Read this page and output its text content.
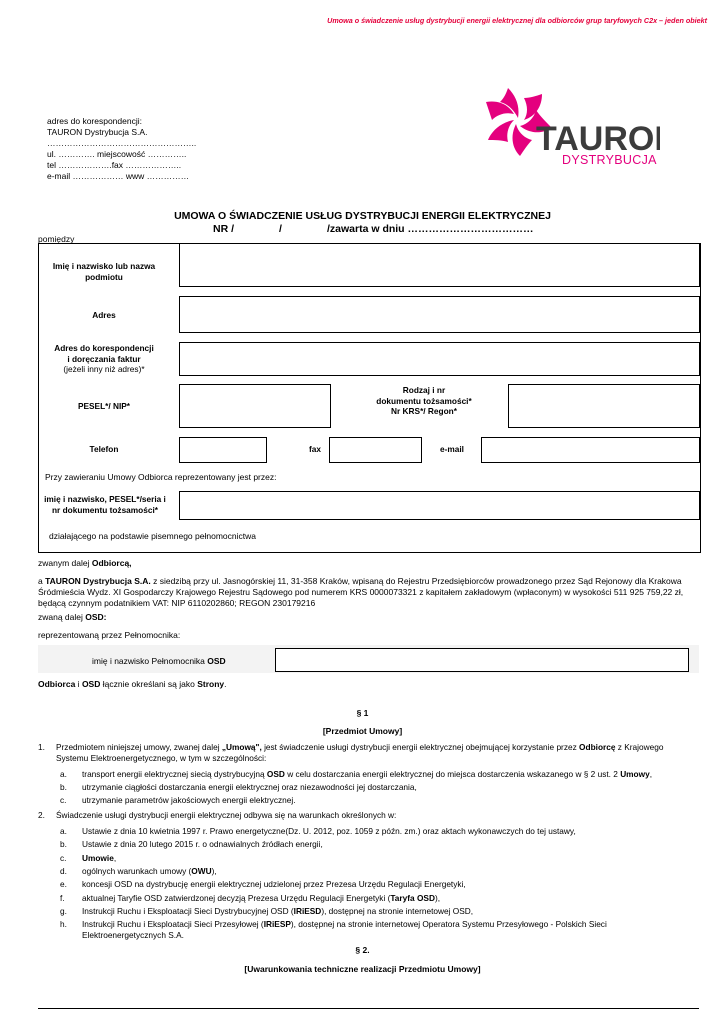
Umowa o świadczenie usług dystrybucji energii elektrycznej dla odbiorców grup taryfowych C2x – jeden obiekt
adres do korespondencji:
TAURON Dystrybucja S.A.
……………………………………………..
ul. …………. miejscowość …………..
tel ……………….fax ………………..
e-mail ……………… www ……………
TAURO
DYSTRYBUCJA
UMOWA O ŚWIADCZENIE USŁUG DYSTRYBUCJI ENERGII ELEKTRYCZNEJ
NR /	/	/zawarta w dniu ………………………………
pomiędzy
Imię i nazwisko lub nazwa podmiotu
Adres
Adres do korespondencji
i doręczania faktur
(jeżeli inny niż adres)*
PESEL*/ NIP*
Rodzaj i nr
dokumentu tożsamości*
Nr KRS*/ Regon*
Telefon	fax	e-mail
Przy zawieraniu Umowy Odbiorca reprezentowany jest przez:
imię i nazwisko, PESEL*/seria i
nr dokumentu tożsamości*
działającego na podstawie pisemnego pełnomocnictwa
zwanym dalej Odbiorcą,
a TAURON Dystrybucja S.A. z siedzibą przy ul. Jasnogórskiej 11, 31-358 Kraków, wpisaną do Rejestru Przedsiębiorców prowadzonego przez Sąd Rejonowy dla Krakowa
Śródmieścia Wydz. XI Gospodarczy Krajowego Rejestru Sądowego pod numerem KRS 0000073321 z kapitałem zakładowym (wpłaconym) w wysokości 511 925 759,22 zł,
będącą czynnym podatnikiem VAT: NIP 6110202860; REGON 230179216
zwaną dalej OSD:
reprezentowaną przez Pełnomocnika:
imię i nazwisko Pełnomocnika OSD
Odbiorca i OSD łącznie określani są jako Strony.
§ 1
[Przedmiot Umowy]
1. Przedmiotem niniejszej umowy, zwanej dalej „Umową", jest świadczenie usługi dystrybucji energii elektrycznej obejmującej korzystanie przez Odbiorcę z Krajowego
Systemu Elektroenergetycznego, w tym w szczególności:
a. transport energii elektrycznej siecią dystrybucyjną OSD w celu dostarczania energii elektrycznej do miejsca dostarczenia wskazanego w § 2 ust. 2 Umowy,
b. utrzymanie ciągłości dostarczania energii elektrycznej oraz niezawodności jej dostarczania,
c. utrzymanie parametrów jakościowych energii elektrycznej.
2. Świadczenie usługi dystrybucji energii elektrycznej odbywa się na warunkach określonych w:
a. Ustawie z dnia 10 kwietnia 1997 r. Prawo energetyczne(Dz. U. 2012, poz. 1059 z późn. zm.) oraz aktach wykonawczych do tej ustawy,
b. Ustawie z dnia 20 lutego 2015 r. o odnawialnych źródłach energii,
c. Umowie,
d. ogólnych warunkach umowy (OWU),
e. koncesji OSD na dystrybucję energii elektrycznej udzielonej przez Prezesa Urzędu Regulacji Energetyki,
f. aktualnej Taryfie OSD zatwierdzonej decyzją Prezesa Urzędu Regulacji Energetyki (Taryfa OSD),
g. Instrukcji Ruchu i Eksploatacji Sieci Dystrybucyjnej OSD (IRiESD), dostępnej na stronie internetowej OSD,
h. Instrukcji Ruchu i Eksploatacji Sieci Przesyłowej (IRiESP), dostępnej na stronie internetowej Operatora Systemu Przesyłowego - Polskich Sieci
Elektroenergetycznych S.A.
§ 2.
[Uwarunkowania techniczne realizacji Przedmiotu Umowy]
